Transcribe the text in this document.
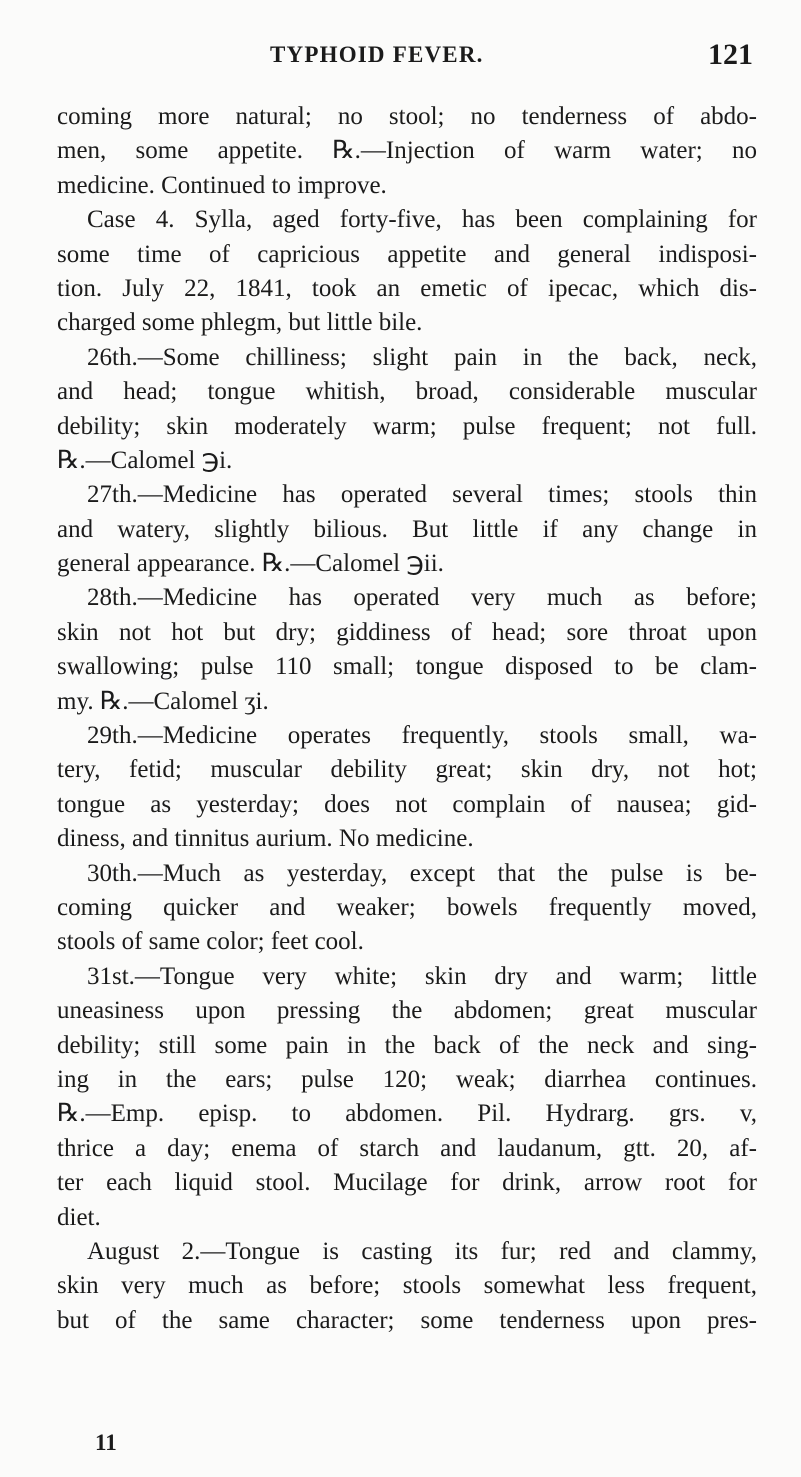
TYPHOID FEVER.	121
coming more natural; no stool; no tenderness of abdo-
men, some appetite. ℞.—Injection of warm water; no
medicine. Continued to improve.
Case 4. Sylla, aged forty-five, has been complaining for
some time of capricious appetite and general indisposi-
tion. July 22, 1841, took an emetic of ipecac, which dis-
charged some phlegm, but little bile.
26th.—Some chilliness; slight pain in the back, neck,
and head; tongue whitish, broad, considerable muscular
debility; skin moderately warm; pulse frequent; not full.
℞.—Calomel ℈i.
27th.—Medicine has operated several times; stools thin
and watery, slightly bilious. But little if any change in
general appearance. ℞.—Calomel ℈ii.
28th.—Medicine has operated very much as before;
skin not hot but dry; giddiness of head; sore throat upon
swallowing; pulse 110 small; tongue disposed to be clam-
my. ℞.—Calomel ʒi.
29th.—Medicine operates frequently, stools small, wa-
tery, fetid; muscular debility great; skin dry, not hot;
tongue as yesterday; does not complain of nausea; gid-
diness, and tinnitus aurium. No medicine.
30th.—Much as yesterday, except that the pulse is be-
coming quicker and weaker; bowels frequently moved,
stools of same color; feet cool.
31st.—Tongue very white; skin dry and warm; little
uneasiness upon pressing the abdomen; great muscular
debility; still some pain in the back of the neck and sing-
ing in the ears; pulse 120; weak; diarrhea continues.
℞.—Emp. episp. to abdomen. Pil. Hydrarg. grs. v,
thrice a day; enema of starch and laudanum, gtt. 20, af-
ter each liquid stool. Mucilage for drink, arrow root for
diet.
August 2.—Tongue is casting its fur; red and clammy,
skin very much as before; stools somewhat less frequent,
but of the same character; some tenderness upon pres-
11
